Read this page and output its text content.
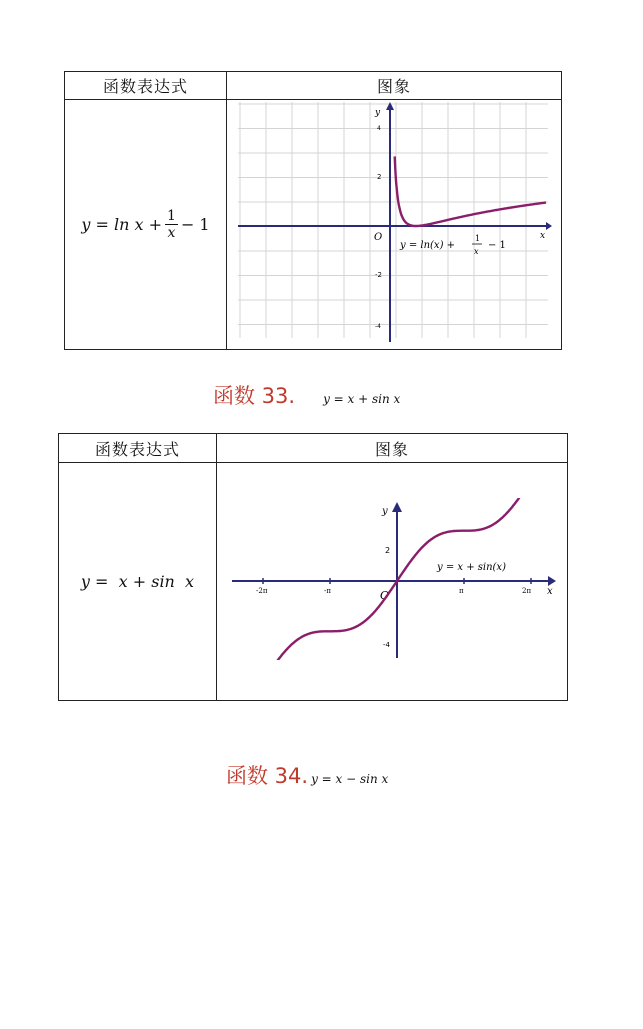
函数表达式	图象
$y = \ln x + \frac{1}{x} - 1$
y
x
O
4
2
-2
-4
y = ln(x) +
1
x
− 1
函数 33. y = x + sin x
函数表达式	图象
y =  x + sin  x
y
x
O
-2π	-π	π	2π
2
-4
y = x + sin(x)
函数 34. y = x − sin x
